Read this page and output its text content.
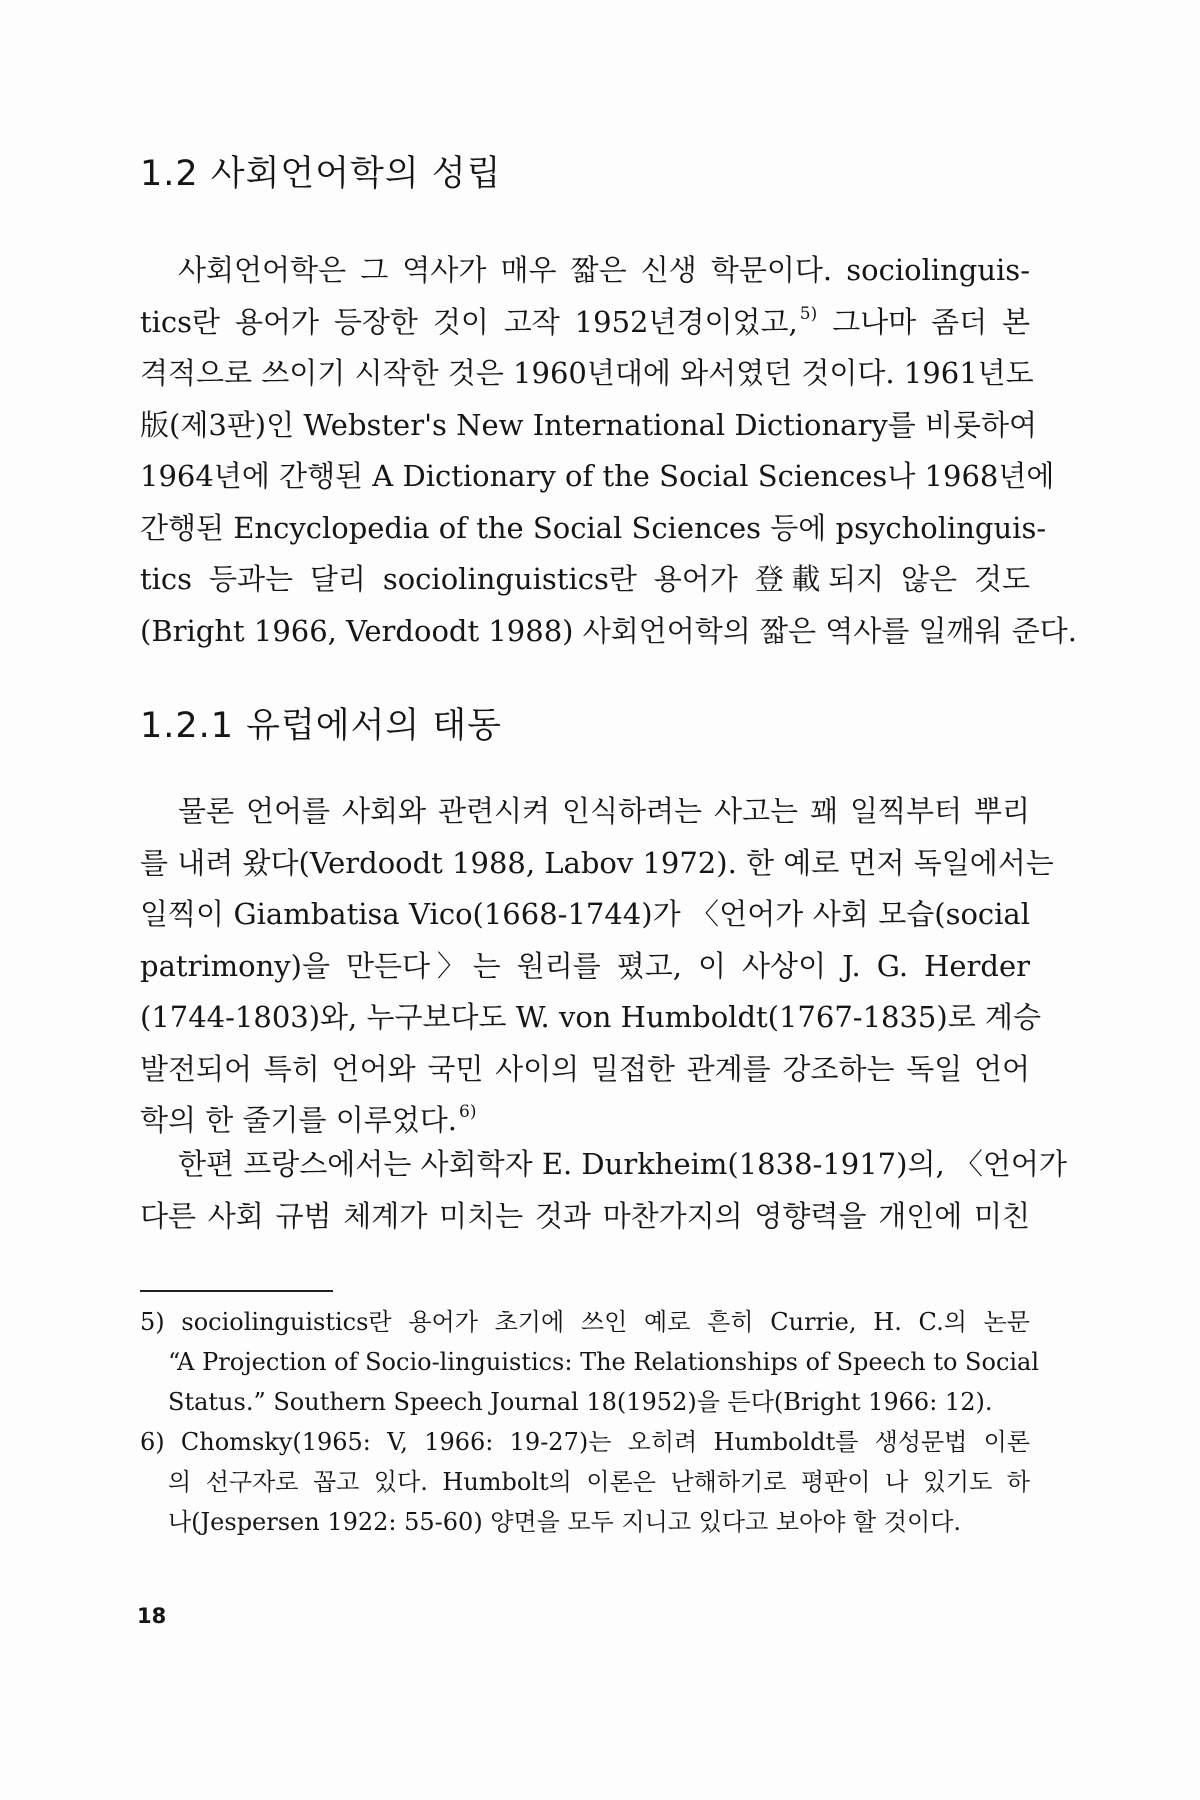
1.2 사회언어학의 성립
사회언어학은 그 역사가 매우 짧은 신생 학문이다. sociolinguis-
tics란 용어가 등장한 것이 고작 1952년경이었고, $^{5)}$ 그나마 좀더 본
격적으로 쓰이기 시작한 것은 1960년대에 와서였던 것이다. 1961년도
版(제3판)인 Webster's New International Dictionary를 비롯하여
1964년에 간행된 A Dictionary of the Social Sciences나 1968년에
간행된 Encyclopedia of the Social Sciences 등에 psycholinguis-
tics 등과는 달리 sociolinguistics란 용어가 登載되지 않은 것도
(Bright 1966, Verdoodt 1988) 사회언어학의 짧은 역사를 일깨워 준다.
1.2.1 유럽에서의 태동
물론 언어를 사회와 관련시켜 인식하려는 사고는 꽤 일찍부터 뿌리
를 내려 왔다(Verdoodt 1988, Labov 1972). 한 예로 먼저 독일에서는
일찍이 Giambatisa Vico(1668-1744)가 〈언어가 사회 모습(social
patrimony)을 만든다〉는 원리를 폈고, 이 사상이 J. G. Herder
(1744-1803)와, 누구보다도 W. von Humboldt(1767-1835)로 계승
발전되어 특히 언어와 국민 사이의 밀접한 관계를 강조하는 독일 언어
학의 한 줄기를 이루었다. $^{6)}$
한편 프랑스에서는 사회학자 E. Durkheim(1838-1917)의, 〈언어가
다른 사회 규범 체계가 미치는 것과 마찬가지의 영향력을 개인에 미친
5) sociolinguistics란 용어가 초기에 쓰인 예로 흔히 Currie, H. C.의 논문
“A Projection of Socio-linguistics: The Relationships of Speech to Social
Status.” Southern Speech Journal 18(1952)을 든다(Bright 1966: 12).
6) Chomsky(1965: V, 1966: 19-27)는 오히려 Humboldt를 생성문법 이론
의 선구자로 꼽고 있다. Humbolt의 이론은 난해하기로 평판이 나 있기도 하
나(Jespersen 1922: 55-60) 양면을 모두 지니고 있다고 보아야 할 것이다.
18
